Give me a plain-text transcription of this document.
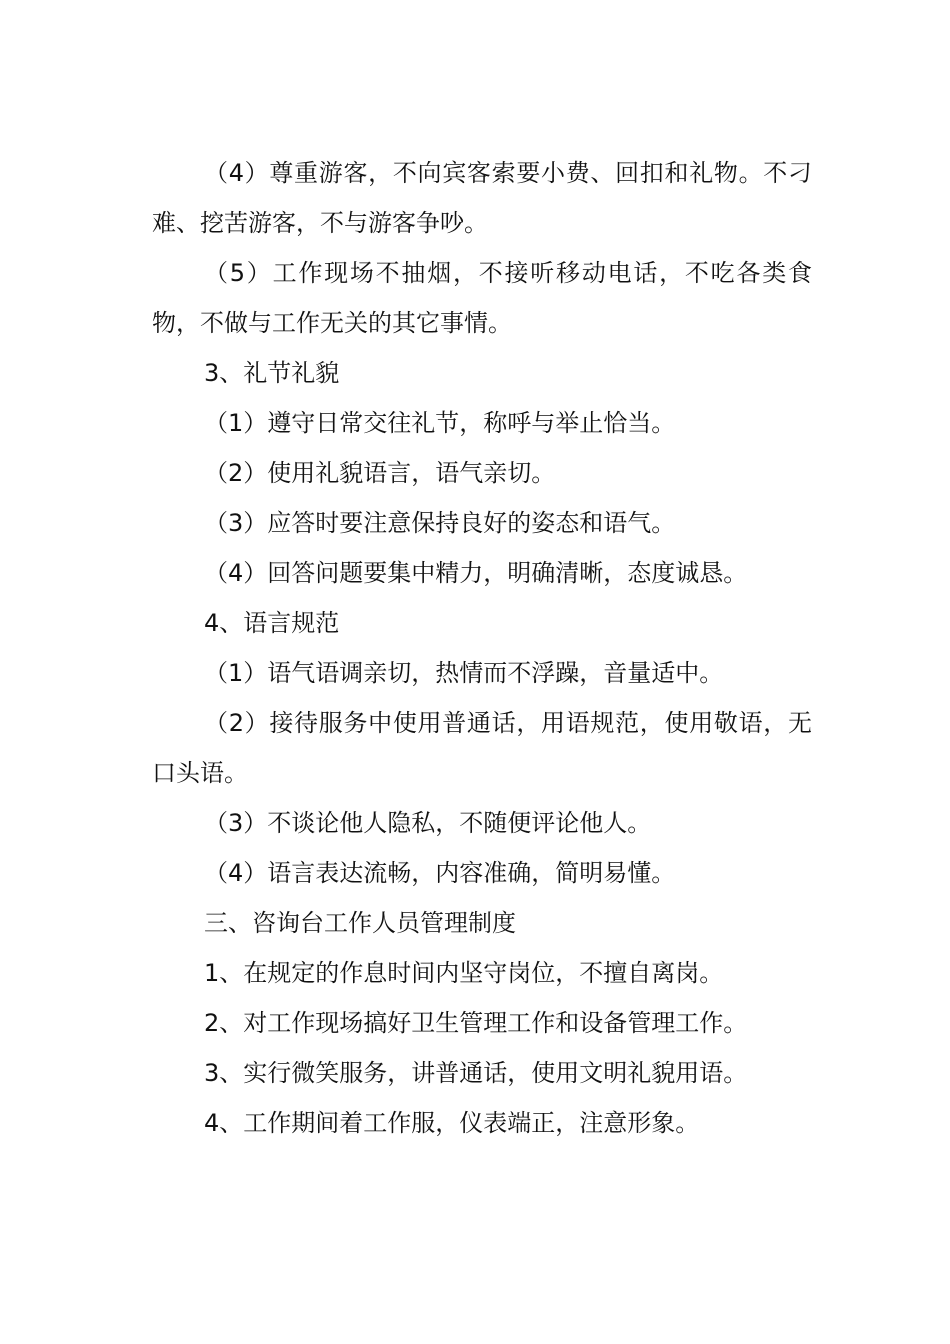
（4）尊重游客，不向宾客索要小费、回扣和礼物。不刁难、挖苦游客，不与游客争吵。

（5）工作现场不抽烟，不接听移动电话，不吃各类食物，不做与工作无关的其它事情。

3、礼节礼貌

（1）遵守日常交往礼节，称呼与举止恰当。

（2）使用礼貌语言，语气亲切。

（3）应答时要注意保持良好的姿态和语气。

（4）回答问题要集中精力，明确清晰，态度诚恳。

4、语言规范

（1）语气语调亲切，热情而不浮躁，音量适中。

（2）接待服务中使用普通话，用语规范，使用敬语，无口头语。

（3）不谈论他人隐私，不随便评论他人。

（4）语言表达流畅，内容准确，简明易懂。

三、咨询台工作人员管理制度

1、在规定的作息时间内坚守岗位，不擅自离岗。

2、对工作现场搞好卫生管理工作和设备管理工作。

3、实行微笑服务，讲普通话，使用文明礼貌用语。

4、工作期间着工作服，仪表端正，注意形象。
